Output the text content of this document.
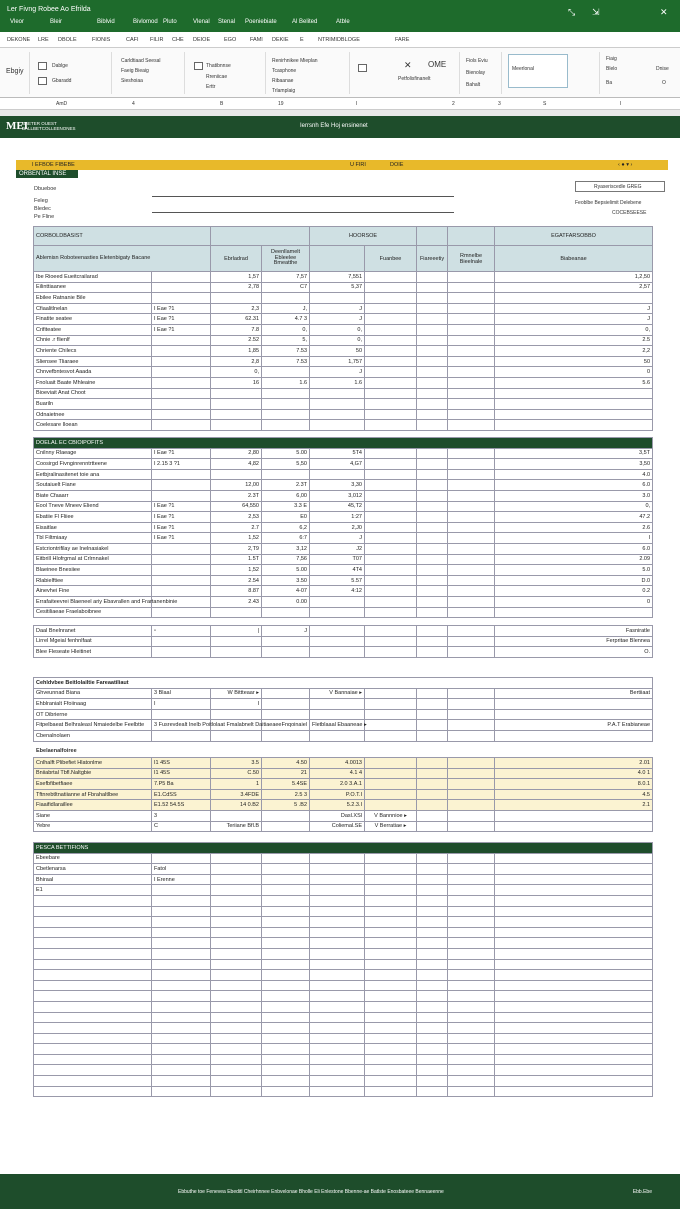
Ler Fivng Robee Ao Efrilda
Vleor	Bleir	Biblvid	Bivlomod Pluto	Vlenal Stenal Poeniebiate	Al Belited	Atble
⤡ ⇲	✕
DEKONE LRE DBOLE	FIONIS	CAFI FILIR CHE DEIOE	EGO	FAMI DEKIE E	NTRIMIDBLOGE	FARE
Ebgiy
Dablge
Gbaradd
Carldtiaad Seesal
Faeig Bieaig
Sieshoiaa
Thatibnnse
Rreniicae
Erttr
Renirhnikee Mieplan
Tcasphone
Ribaanae
Trlamplaig
✕ OME
Petfolisfinanelt
Fiols Eviu
Bienolay
Bahalt
Meerlonal
Fiaig
Blelo
Ba
Dnise
O
AmD	4	B	19	I	2	3	S	I
MEI
BAETER OUEST
BALLBETCOLLEENONES	Ierrsnh Efe Hoj ensinenet
I EFBOE FIBEBE	U FIRI	DOIE	‹ ● ▾ ›
ORBENTAL INSE
Dbueboe
Feleg
Bledec
Pe Fline
Ryaseriscedle GREG
Feoblbe Bepsielimit Delebene
COCEBSEESE
CORBOLDBASIST				HOORSOE				EGATFARSOBBO
Ablemisn Roboteenasties Eletenbigaty Bacane		Ebrladrad	Deenllamelt Ebleelee Bmeatthe		Fuanbee	Fiareeetiy	Rmnelbe Bieelnale	Biabeanae
Ibe Rioeed Eueitcrailarad		1,57	7,57	7,551				1,2,50
Eilinttiaanee		2,78	C7	5,37				2,57
Ebilee Ratnanie Bile								
Cfiaalitlnelan	I Eae ?1	2,3	J,	J				J
Finatite seatee	I Eae ?1	62.31	4.7 3	J				J
Crifiteatee	I Eae ?1	7.8	0,	0,				0,
Chnie .r flienlf		2.52	5,	0,				2.5
Chriente Chilecs		1,85	7.53	50				2,2
Sliensee Tliaraee		2,8	7.53	1,757				50
Chnvefbntesvot Aaada		0,		J				0
Fnoluait Baate Mhleaine		16	1.6	1.6				5.6
Bioeviait Anat Choot								
Buariln								
Odnaietnee								
Coelesare Iloean								
DOELAL EC CBIOIPOFITS								
Cnilnny Rlaeage	I Eae ?1	2,80	5.00	5T4				3,5T
Coosirgd Fivnginrenntrtteene	I 2.15 3 ?1	4,82	5,50	4,G7				3,50
Eetbjralinasitenet toie ana								4.0
Soutaiuelt Fiane		12,00	2.3T	3,30				6.0
Biate Cfaaarr		2.3T	6,00	3,012				3.0
Eool Tneve Mneev Eliend	I Eae ?1	64,550	3.3 E	45,T2				0,
Ebatiie Fl Fliiee	I Eae ?1	2,53	E0	1:27				47.2
Eisaitlae	I Eae ?1	2.7	6,2	2,J0				2.6
Tbl Filtmiaay	I Eae ?1	1,52	6:7	J				I
Estcriontrifilay ae Inelnasiakel		2,T9	3,12	J2				6.0
Eitbrill Hlofrgmal at Crlrnnakel		1.5T	7,56	T07				2.09
Blaeinee Bnesiiee		1,52	5.00	4T4				5.0
Rlabielftiee		2.54	3.50	5.57				D.0
Ainevhei Fine		8.87	4-07	4:12				0.2
Errafaiteevrei Blaeneel ariy Ebavrallen and Frartanenbinie		2.43	0.00					0
Cesitiliaeae Fraelaboibnee								
Daal Bnelnranet	▫	|	J					Fasniratle
Lirrel Mgeial fenhnlfaat								Ferpritae Blennea
Blee Fleseate Hleitinet								O.
Cehldvbee Beitlolailtie Fareaatiliaut								
Ghveunnad Biana	3 Blaal	W Bittteaar ▸		V Bannaiae ▸				Bertiiaat
Ehblranialt Ffoiinaag	I	I						
OT Dibrierne								
Fitpelbaeat Belhraleasl Nmaiedelbe Feelbtte	3 Fusrevdealt Inelb Poitlolaat Fmalabnelt Daitiaeaee		Fnqoinaiel	Fletblaaal Ebaaneae ▸				P.A.T Erabianeae
Cbenalnolaen								
Cnlhalft Plibefiet Hlatonlme	I1 45S	3.5	4.50	4.0013				2.01
Bniiabrtal Tbfl.Naltgbie	I1 45S	C.50	21	4.1 4				4.0 1
Esefbfibetfiaee	7.P5 Ba	1	5.4SE	2.0 3.A.1				8.0.1
Tftnrebtltnatiianne af Fbrahaltlbee	E1.CdSS	3.4FDE	2.5 3	P.O.T.I				4.5
Fiaaifidlaraillee	E1.52 54.5S	14 0.B2	5 .B2	5.2.3.I				2.1
Siane	3			Dasl.XSl	V Bannnioe ▸			
Yebre	C	Teriiane Bfl.B		Coliemal.SE	V Berratiae ▸			
Ebelaenalfoiree
PESCA BETTIFIONS								
Ebeebare								
Cbetlenarsa	Fatol							
Bhiraal	I Erenne							
E1								

Ebbuthe toe Fenevea Ebeditl Cheirhnnee Enbvelonae Bholle Eli Enlestone Bbenne-ae Batlste Enosbateee Bennaeenne	Ebb.Ebe
